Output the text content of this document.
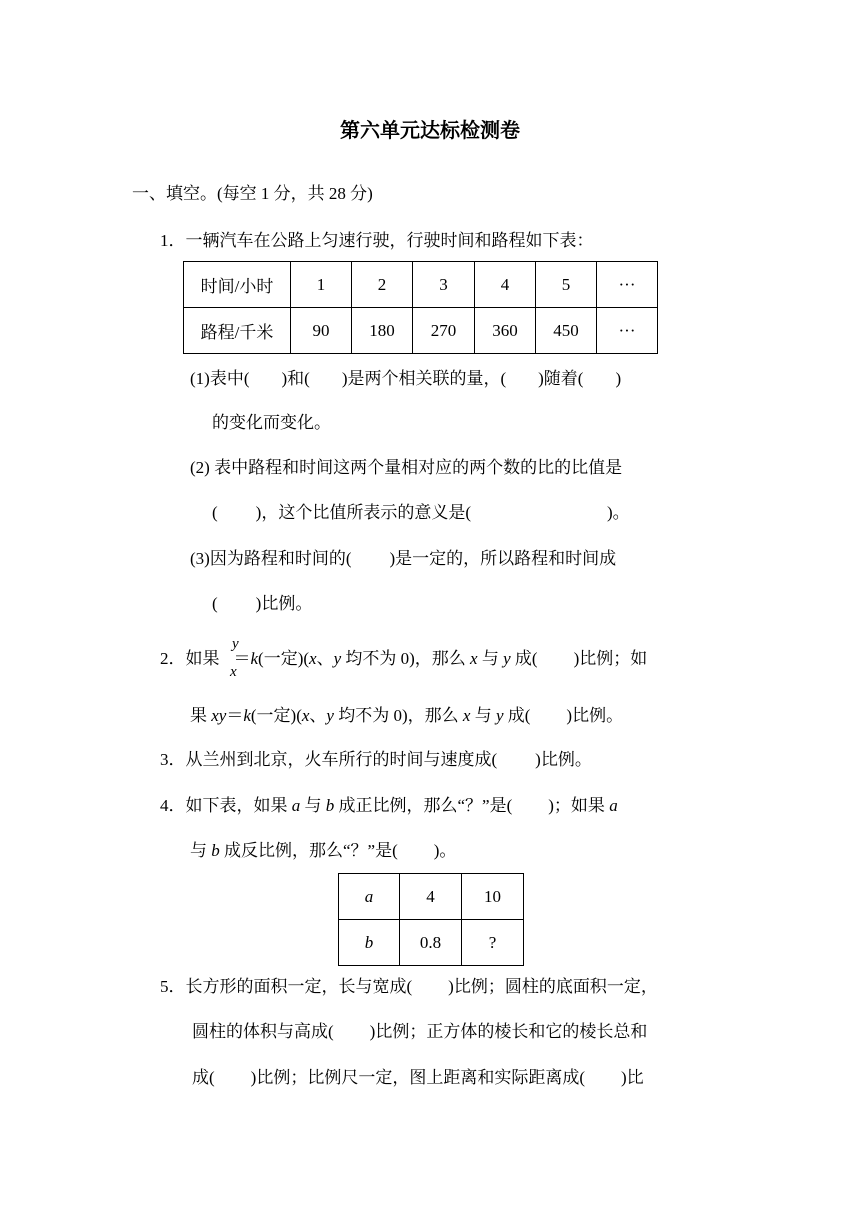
第六单元达标检测卷
一、填空。(每空 1 分，共 28 分)
1．一辆汽车在公路上匀速行驶，行驶时间和路程如下表：
时间/小时	1	2	3	4	5	···
路程/千米	90	180	270	360	450	···
(1)表中( )和( )是两个相关联的量，( )随着( )
的变化而变化。
(2) 表中路程和时间这两个量相对应的两个数的比的比值是
( )，这个比值所表示的意义是(	)。
(3)因为路程和时间的( )是一定的，所以路程和时间成
( )比例。
y
x
2．如果 ＝k(一定)(x、y 均不为 0)，那么 x 与 y 成( )比例；如
果 xy＝k(一定)(x、y 均不为 0)，那么 x 与 y 成( )比例。
3．从兰州到北京，火车所行的时间与速度成( )比例。
4．如下表，如果 a 与 b 成正比例，那么“？”是( )；如果 a
与 b 成反比例，那么“？”是( )。
a	4	10
b	0.8	?
5．长方形的面积一定，长与宽成( )比例；圆柱的底面积一定，
圆柱的体积与高成( )比例；正方体的棱长和它的棱长总和
成( )比例；比例尺一定，图上距离和实际距离成( )比
